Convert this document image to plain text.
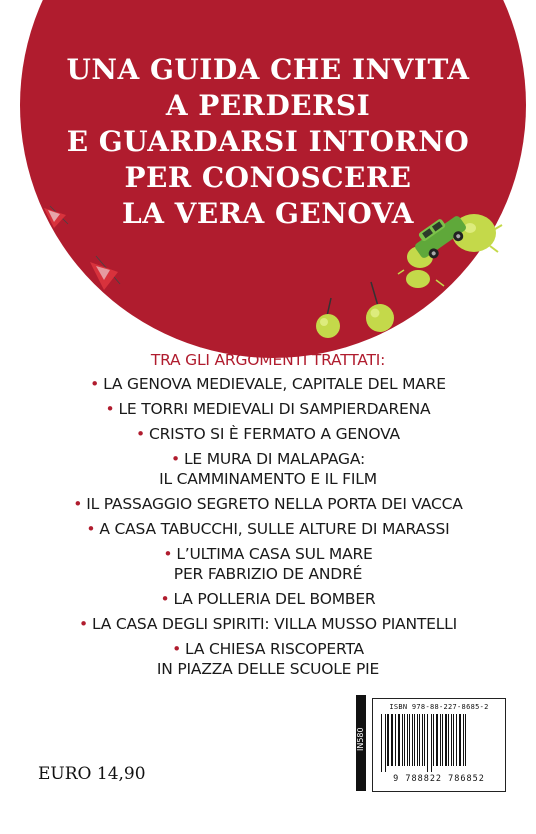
UNA GUIDA CHE INVITA
A PERDERSI
E GUARDARSI INTORNO
PER CONOSCERE
LA VERA GENOVA
TRA GLI ARGOMENTI TRATTATI:
• LA GENOVA MEDIEVALE, CAPITALE DEL MARE
• LE TORRI MEDIEVALI DI SAMPIERDARENA
• CRISTO SI È FERMATO A GENOVA
• LE MURA DI MALAPAGA:
IL CAMMINAMENTO E IL FILM
• IL PASSAGGIO SEGRETO NELLA PORTA DEI VACCA
• A CASA TABUCCHI, SULLE ALTURE DI MARASSI
• L’ULTIMA CASA SUL MARE
PER FABRIZIO DE ANDRÉ
• LA POLLERIA DEL BOMBER
• LA CASA DEGLI SPIRITI: VILLA MUSSO PIANTELLI
• LA CHIESA RISCOPERTA
IN PIAZZA DELLE SCUOLE PIE
EURO 14,90
IN580
ISBN 978-88-227-8685-2
9 788822 786852
